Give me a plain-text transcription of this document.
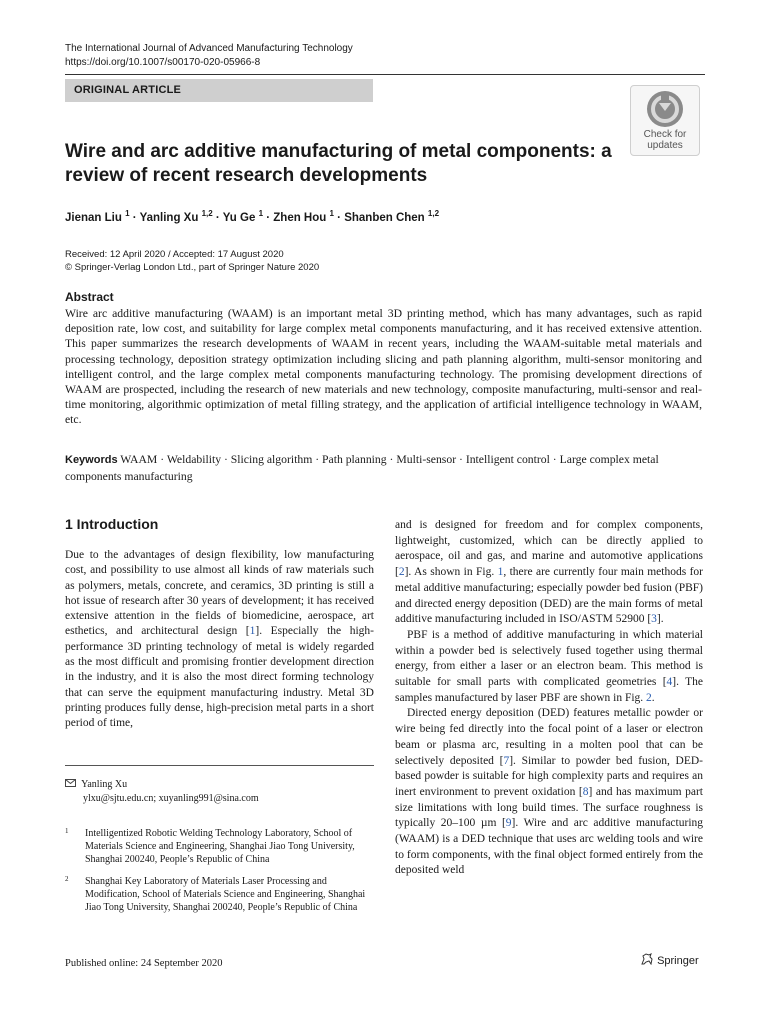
The International Journal of Advanced Manufacturing Technology
https://doi.org/10.1007/s00170-020-05966-8
ORIGINAL ARTICLE
Check for
updates
Wire and arc additive manufacturing of metal components: a review of recent research developments
Jienan Liu $^1$ · Yanling Xu $^{1,2}$ · Yu Ge $^1$ · Zhen Hou $^1$ · Shanben Chen $^{1,2}$
Received: 12 April 2020 / Accepted: 17 August 2020
© Springer-Verlag London Ltd., part of Springer Nature 2020
Abstract
Wire arc additive manufacturing (WAAM) is an important metal 3D printing method, which has many advantages, such as rapid deposition rate, low cost, and suitability for large complex metal components manufacturing, and it has received extensive attention. This paper summarizes the research developments of WAAM in recent years, including the WAAM-suitable metal materials and processing technology, deposition strategy optimization including slicing and path planning algorithm, multi-sensor monitoring and intelligent control, and the large complex metal components manufacturing technology. The promising development directions of WAAM are prospected, including the research of new materials and new technology, composite manufacturing, multi-sensor and real-time monitoring, algorithmic optimization of metal filling strategy, and the application of artificial intelligence technology in WAAM, etc.
Keywords WAAM · Weldability · Slicing algorithm · Path planning · Multi-sensor · Intelligent control · Large complex metal components manufacturing
1 Introduction

Due to the advantages of design flexibility, low manufacturing cost, and possibility to use almost all kinds of raw materials such as polymers, metals, concrete, and ceramics, 3D printing is still a hot issue of research after 30 years of development; it has received extensive attention in the fields of biomedicine, aerospace, art esthetics, and architectural design [1]. Especially the high-performance 3D printing technology of metal is widely regarded as the most difficult and promising frontier development direction in the industry, and it is also the most direct forming technology that can serve the equipment manufacturing industry. Metal 3D printing produces fully dense, high-precision metal parts in a short period of time,

and is designed for freedom and for complex components, lightweight, customized, which can be directly applied to aerospace, oil and gas, and marine and automotive applications [2]. As shown in Fig. 1, there are currently four main methods for metal additive manufacturing; especially powder bed fusion (PBF) and directed energy deposition (DED) are the main forms of metal additive manufacturing included in ISO/ASTM 52900 [3].

PBF is a method of additive manufacturing in which material within a powder bed is selectively fused together using thermal energy, from either a laser or an electron beam. This method is suitable for small parts with complicated geometries [4]. The samples manufactured by laser PBF are shown in Fig. 2.

Directed energy deposition (DED) features metallic powder or wire being fed directly into the focal point of a laser or electron beam or plasma arc, resulting in a molten pool that can be selectively deposited [7]. Similar to powder bed fusion, DED-based powder is suitable for high complexity parts and requires an inert environment to prevent oxidation [8] and has maximum part size limitations with long build times. The surface roughness is typically 20–100 µm [9]. Wire and arc additive manufacturing (WAAM) is a DED technique that uses arc welding tools and wire to form components, with the final object formed entirely from the deposited weld

Yanling Xu
ylxu@sjtu.edu.cn; xuyanling991@sina.com
1 Intelligentized Robotic Welding Technology Laboratory, School of Materials Science and Engineering, Shanghai Jiao Tong University, Shanghai 200240, People’s Republic of China
2 Shanghai Key Laboratory of Materials Laser Processing and Modification, School of Materials Science and Engineering, Shanghai Jiao Tong University, Shanghai 200240, People’s Republic of China
Published online: 24 September 2020	Springer
